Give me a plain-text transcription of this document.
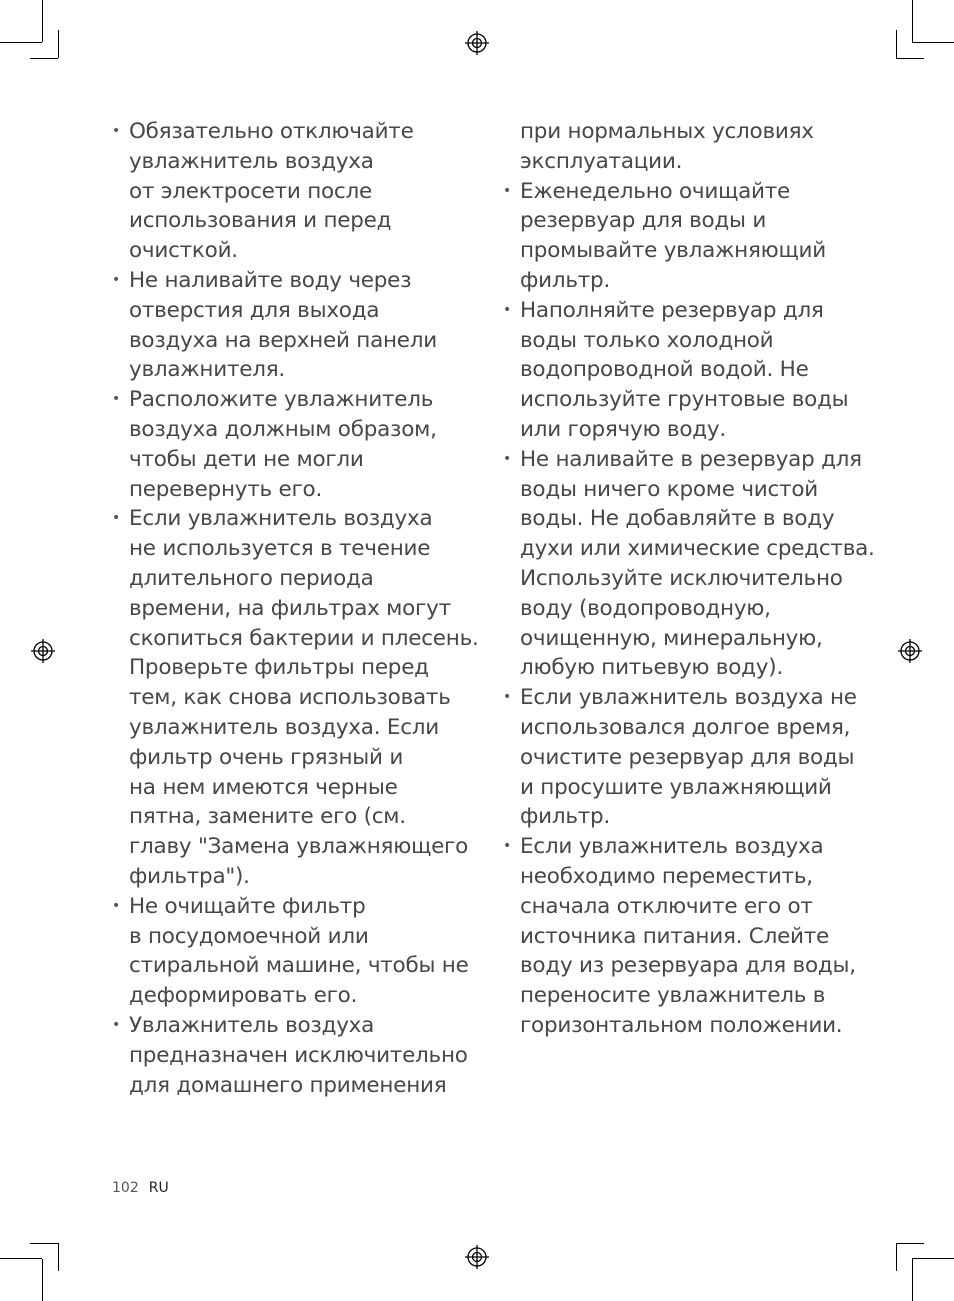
• Обязательно отключайте
увлажнитель воздуха
от электросети после
использования и перед
очисткой.
• Не наливайте воду через
отверстия для выхода
воздуха на верхней панели
увлажнителя.
• Расположите увлажнитель
воздуха должным образом,
чтобы дети не могли
перевернуть его.
• Если увлажнитель воздуха
не используется в течение
длительного периода
времени, на фильтрах могут
скопиться бактерии и плесень.
Проверьте фильтры перед
тем, как снова использовать
увлажнитель воздуха. Если
фильтр очень грязный и
на нем имеются черные
пятна, замените его (см.
главу "Замена увлажняющего
фильтра").
• Не очищайте фильтр
в посудомоечной или
стиральной машине, чтобы не
деформировать его.
• Увлажнитель воздуха
предназначен исключительно
для домашнего применения
при нормальных условиях
эксплуатации.
• Еженедельно очищайте
резервуар для воды и
промывайте увлажняющий
фильтр.
• Наполняйте резервуар для
воды только холодной
водопроводной водой. Не
используйте грунтовые воды
или горячую воду.
• Не наливайте в резервуар для
воды ничего кроме чистой
воды. Не добавляйте в воду
духи или химические средства.
Используйте исключительно
воду (водопроводную,
очищенную, минеральную,
любую питьевую воду).
• Если увлажнитель воздуха не
использовался долгое время,
очистите резервуар для воды
и просушите увлажняющий
фильтр.
• Если увлажнитель воздуха
необходимо переместить,
сначала отключите его от
источника питания. Слейте
воду из резервуара для воды,
переносите увлажнитель в
горизонтальном положении.
102 RU
